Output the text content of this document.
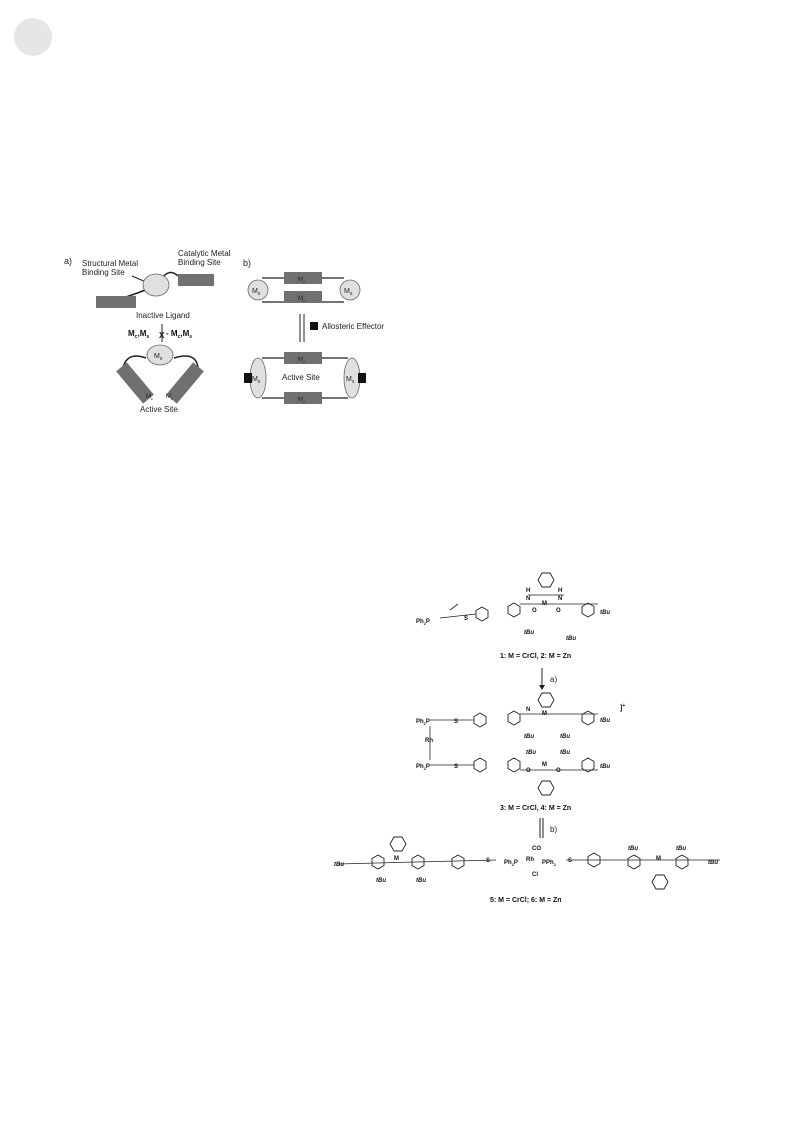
a) Structural Metal
Binding Site
Catalytic Metal
Binding Site
Inactive Ligand
$M_c,M_s - M_c,M_s$
X
$M_s$
$M_c$ $M_c$
Active Site
b)
$M_s$	$M_s$
$M_c$
$M_c$
Allosteric Effector
$M_s$	$M_s$
$M_c$
$M_c$
Active Site
H	H
N	N
M
O	O
$Ph_2P$	S
tBu
tBu
tBu
1: M = CrCl, 2: M = Zn
a)
N
M
tBu
tBu	tBu
$Ph_2P$	S
Rh
]+
$Ph_2P$	S	M
O	O
tBu	tBu
tBu
3: M = CrCl, 4: M = Zn
b)
tBu
M
tBu	tBu
S $Ph_2P$ Rh
CO
Cl
PPh$_2$
S	M
tBu	tBu
tBu
5: M = CrCl; 6: M = Zn
